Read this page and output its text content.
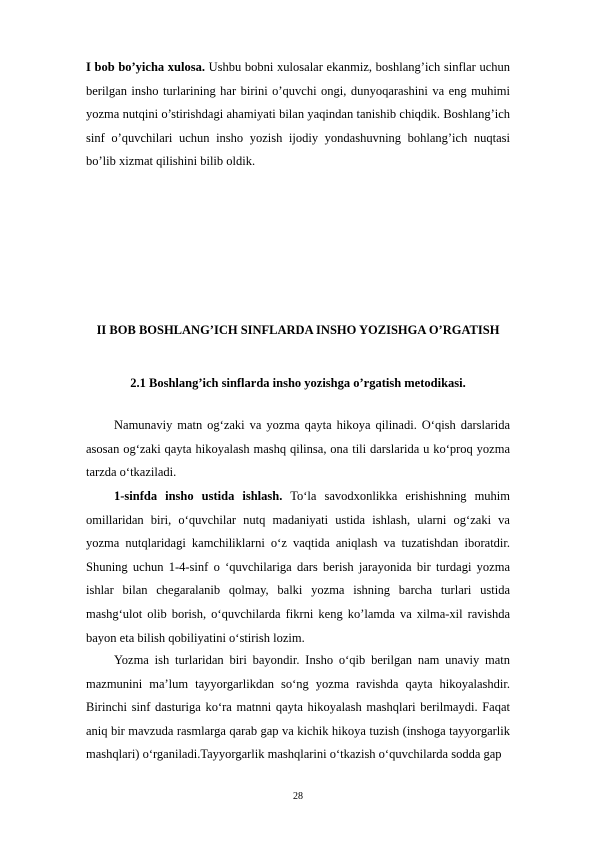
I bob bo’yicha xulosa. Ushbu bobni xulosalar ekanmiz, boshlang’ich sinflar uchun berilgan insho turlarining har birini o’quvchi ongi, dunyoqarashini va eng muhimi yozma nutqini o’stirishdagi ahamiyati bilan yaqindan tanishib chiqdik. Boshlang’ich sinf o’quvchilari uchun insho yozish ijodiy yondashuvning bohlang’ich nuqtasi bo’lib xizmat qilishini bilib oldik.

II BOB BOSHLANG’ICH SINFLARDA INSHO YOZISHGA O’RGATISH

2.1 Boshlang’ich sinflarda insho yozishga o’rgatish metodikasi.

Namunaviy matn og‘zaki va yozma qayta hikoya qilinadi. O‘qish darslarida asosan og‘zaki qayta hikoyalash mashq qilinsa, ona tili darslarida u ko‘proq yozma tarzda o‘tkaziladi.

1-sinfda insho ustida ishlash. To‘la savodxonlikka erishishning muhim omillaridan biri, o‘quvchilar nutq madaniyati ustida ishlash, ularni og‘zaki va yozma nutqlaridagi kamchiliklarni o‘z vaqtida aniqlash va tuzatishdan iboratdir. Shuning uchun 1-4-sinf o ‘quvchilariga dars berish jarayonida bir turdagi yozma ishlar bilan chegaralanib qolmay, balki yozma ishning barcha turlari ustida mashg‘ulot olib borish, o‘quvchilarda fikrni keng ko’lamda va xilma-xil ravishda bayon eta bilish qobiliyatini o‘stirish lozim.

Yozma ish turlaridan biri bayondir. Insho o‘qib berilgan nam unaviy matn mazmunini ma’lum tayyorgarlikdan so‘ng yozma ravishda qayta hikoyalashdir. Birinchi sinf dasturiga ko‘ra matnni qayta hikoyalash mashqlari berilmaydi. Faqat aniq bir mavzuda rasmlarga qarab gap va kichik hikoya tuzish (inshoga tayyorgarlik mashqlari) o‘rganiladi.Tayyorgarlik mashqlarini o‘tkazish o‘quvchilarda sodda gap

28
